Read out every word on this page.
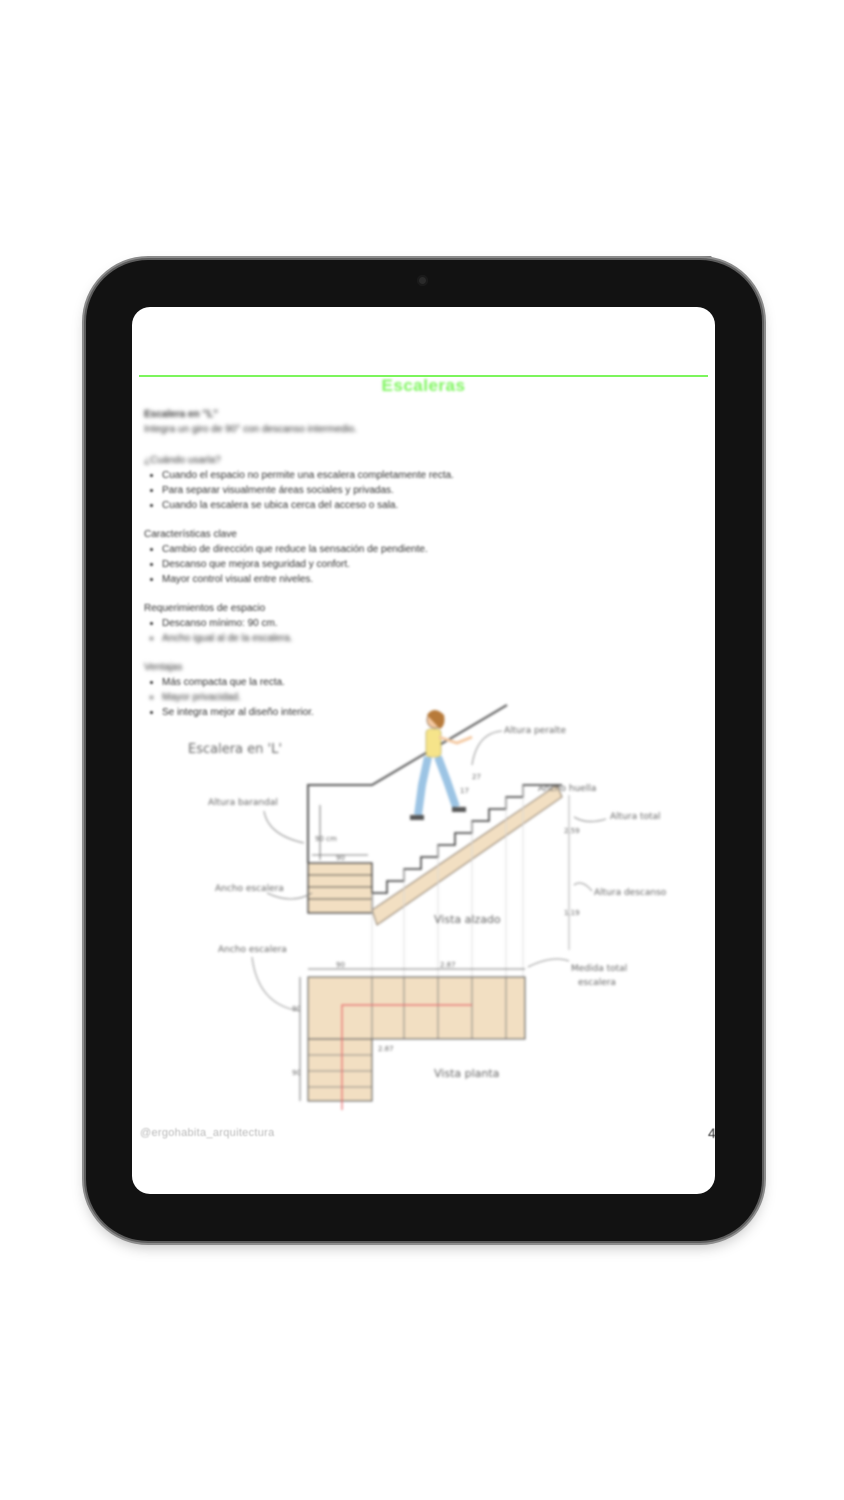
Escaleras
Escalera en "L"
Integra un giro de 90° con descanso intermedio.
¿Cuándo usarla?
• Cuando el espacio no permite una escalera completamente recta.
• Para separar visualmente áreas sociales y privadas.
• Cuando la escalera se ubica cerca del acceso o sala.
Características clave
• Cambio de dirección que reduce la sensación de pendiente.
• Descanso que mejora seguridad y confort.
• Mayor control visual entre niveles.
Requerimientos de espacio
• Descanso mínimo: 90 cm.
• Ancho igual al de la escalera.
Ventajas
• Más compacta que la recta.
• Mayor privacidad.
• Se integra mejor al diseño interior.
Escalera en 'L'
90 cm
90
27
17
2.59
1.19
Altura peralte
Ancho huella
Altura total
Altura barandal
Ancho escalera	Altura descanso
Vista alzado
90	2.87
90
90
2.87
Ancho escalera
Medida total
escalera
Vista planta
@ergohabita_arquitectura	4
